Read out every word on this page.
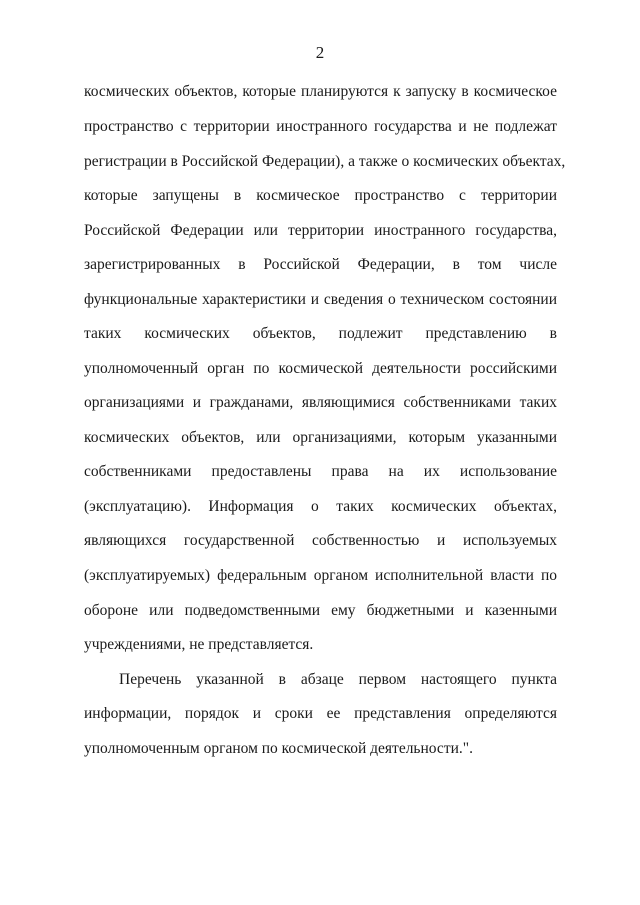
2
космических объектов, которые планируются к запуску в космическое
пространство с территории иностранного государства и не подлежат
регистрации в Российской Федерации), а также о космических объектах,
которые запущены в космическое пространство с территории
Российской Федерации или территории иностранного государства,
зарегистрированных в Российской Федерации, в том числе
функциональные характеристики и сведения о техническом состоянии
таких космических объектов, подлежит представлению в
уполномоченный орган по космической деятельности российскими
организациями и гражданами, являющимися собственниками таких
космических объектов, или организациями, которым указанными
собственниками предоставлены права на их использование
(эксплуатацию). Информация о таких космических объектах,
являющихся государственной собственностью и используемых
(эксплуатируемых) федеральным органом исполнительной власти по
обороне или подведомственными ему бюджетными и казенными
учреждениями, не представляется.
Перечень указанной в абзаце первом настоящего пункта
информации, порядок и сроки ее представления определяются
уполномоченным органом по космической деятельности.".
